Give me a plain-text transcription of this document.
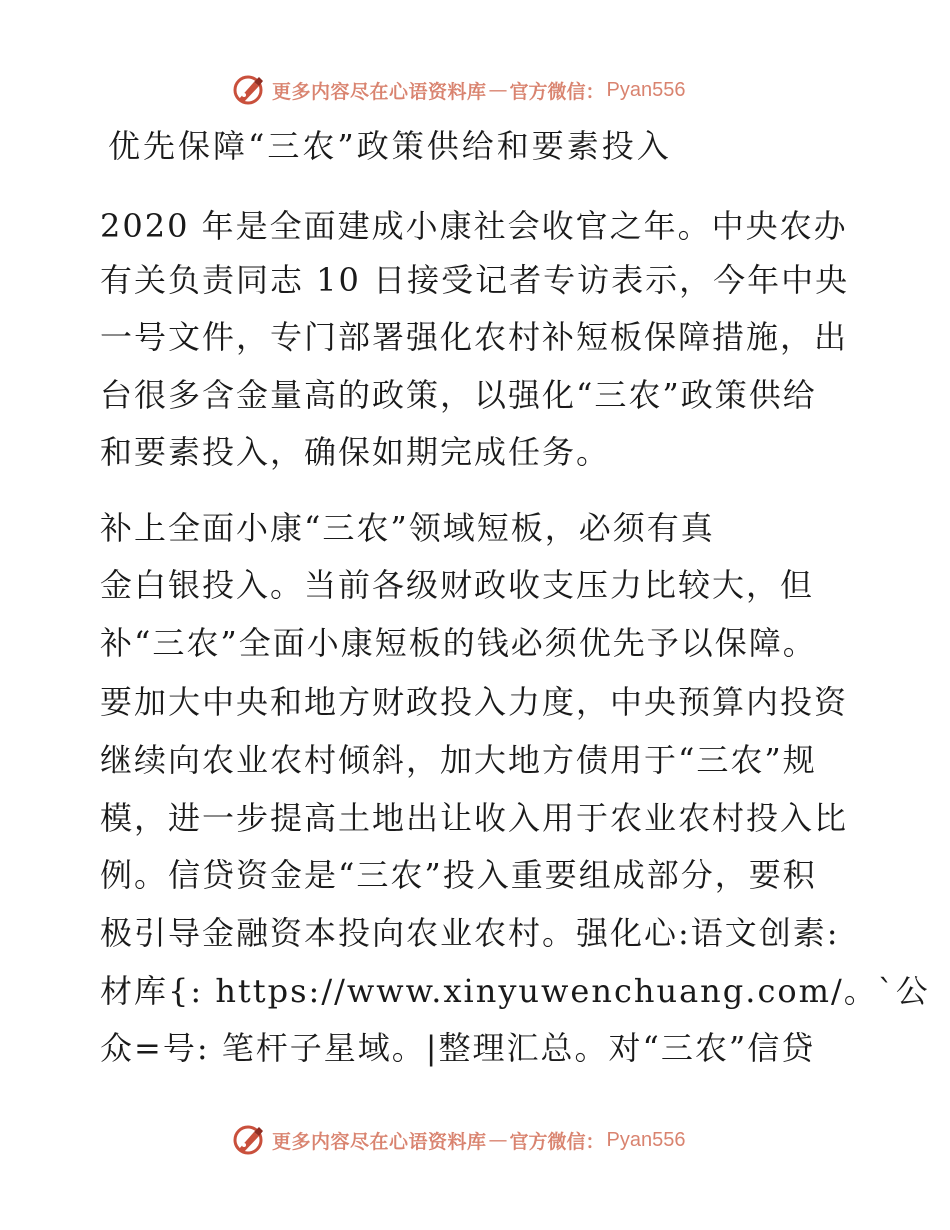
更多内容尽在心语资料库 — 官方微信： Pyan556
优先保障“三农”政策供给和要素投入
2020 年是全面建成小康社会收官之年。中央农办
有关负责同志 10 日接受记者专访表示，今年中央
一号文件，专门部署强化农村补短板保障措施，出
台很多含金量高的政策，以强化“三农”政策供给
和要素投入，确保如期完成任务。
补上全面小康“三农”领域短板，必须有真
金白银投入。当前各级财政收支压力比较大，但
补“三农”全面小康短板的钱必须优先予以保障。
要加大中央和地方财政投入力度，中央预算内投资
继续向农业农村倾斜，加大地方债用于“三农”规
模，进一步提高土地出让收入用于农业农村投入比
例。信贷资金是“三农”投入重要组成部分，要积
极引导金融资本投向农业农村。强化心:语文创素:
材库{: https://www.xinyuwenchuang.com/。`公
众=号: 笔杆子星域。|整理汇总。对“三农”信贷
更多内容尽在心语资料库 — 官方微信： Pyan556
